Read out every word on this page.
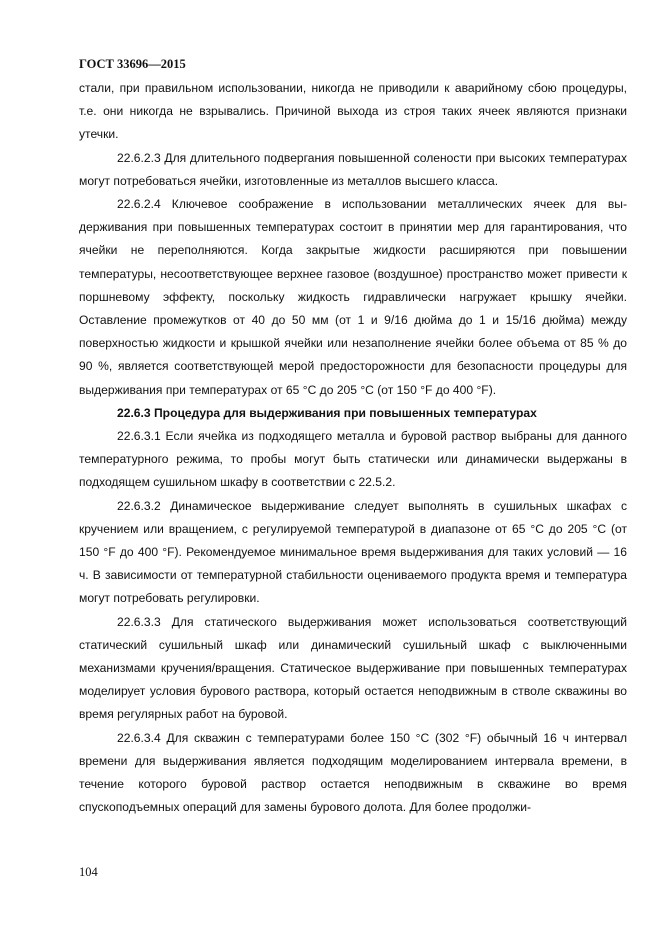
ГОСТ 33696—2015

стали, при правильном использовании, никогда не приводили к аварийному сбою процедуры, т.е. они никогда не взрывались. Причиной выхода из строя таких ячеек являются признаки утечки.

22.6.2.3 Для длительного подвергания повышенной солености при высоких температурах могут потребоваться ячейки, изготовленные из металлов высшего класса.

22.6.2.4 Ключевое соображение в использовании металлических ячеек для выдерживания при повышенных температурах состоит в принятии мер для гарантирования, что ячейки не переполняются. Когда закрытые жидкости расширяются при повышении температуры, несоответствующее верхнее газовое (воздушное) пространство может привести к поршневому эффекту, поскольку жидкость гидравлически нагружает крышку ячейки. Оставление промежутков от 40 до 50 мм (от 1 и 9/16 дюйма до 1 и 15/16 дюйма) между поверхностью жидкости и крышкой ячейки или незаполнение ячейки более объема от 85 % до 90 %, является соответствующей мерой предосторожности для безопасности процедуры для выдерживания при температурах от 65 °С до 205 °С (от 150 °F до 400 °F).

22.6.3 Процедура для выдерживания при повышенных температурах

22.6.3.1 Если ячейка из подходящего металла и буровой раствор выбраны для данного температурного режима, то пробы могут быть статически или динамически выдержаны в подходящем сушильном шкафу в соответствии с 22.5.2.

22.6.3.2 Динамическое выдерживание следует выполнять в сушильных шкафах с кручением или вращением, с регулируемой температурой в диапазоне от 65 °С до 205 °С (от 150 °F до 400 °F). Рекомендуемое минимальное время выдерживания для таких условий — 16 ч. В зависимости от температурной стабильности оцениваемого продукта время и температура могут потребовать регулировки.

22.6.3.3 Для статического выдерживания может использоваться соответствующий статический сушильный шкаф или динамический сушильный шкаф с выключенными механизмами кручения/вращения. Статическое выдерживание при повышенных температурах моделирует условия бурового раствора, который остается неподвижным в стволе скважины во время регулярных работ на буровой.

22.6.3.4 Для скважин с температурами более 150 °С (302 °F) обычный 16 ч интервал времени для выдерживания является подходящим моделированием интервала времени, в течение которого буровой раствор остается неподвижным в скважине во время спускоподъемных операций для замены бурового долота. Для более продолжи-

104
